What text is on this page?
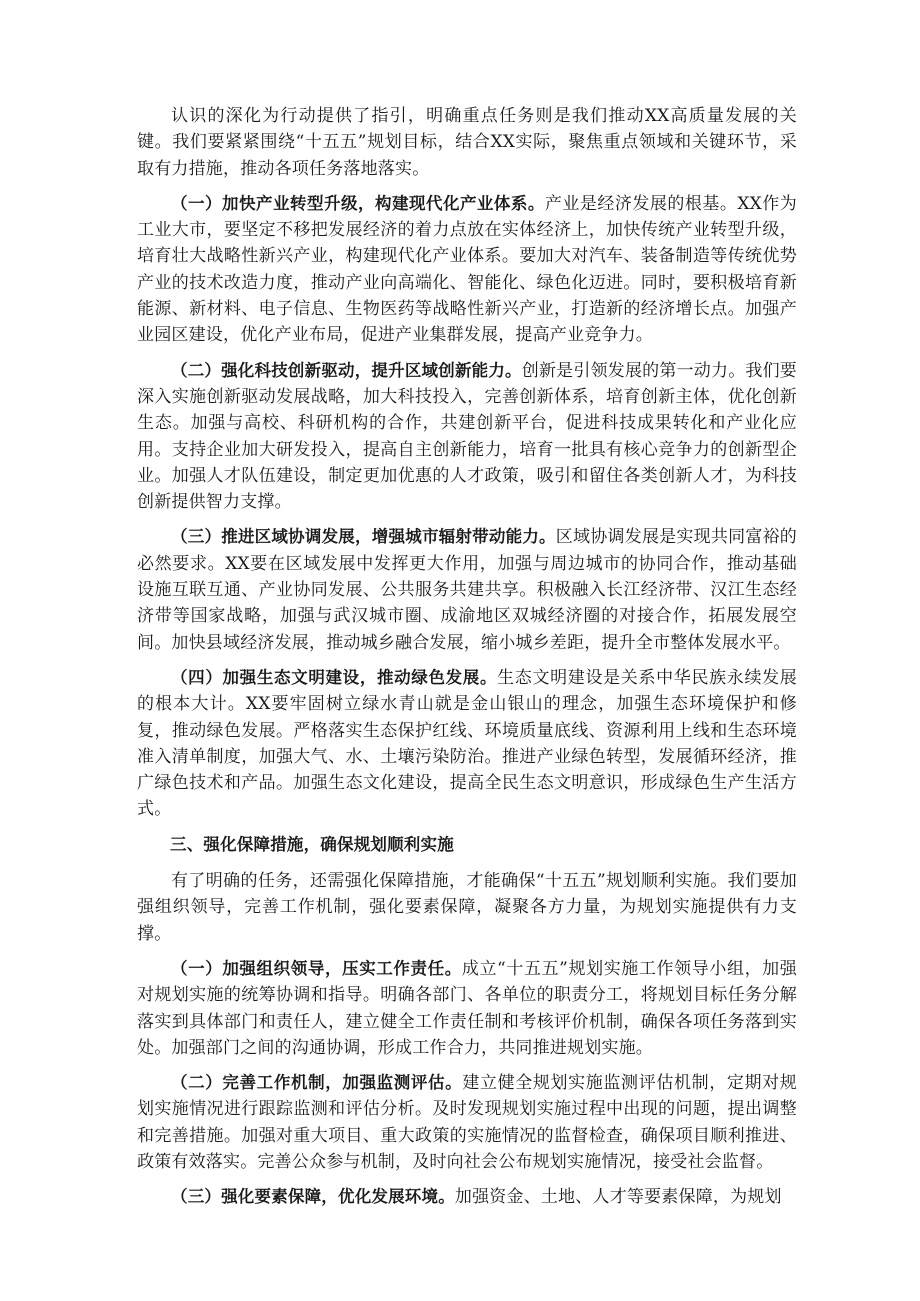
认识的深化为行动提供了指引，明确重点任务则是我们推动XX高质量发展的关键。我们要紧紧围绕“十五五”规划目标，结合XX实际，聚焦重点领域和关键环节，采取有力措施，推动各项任务落地落实。

（一）加快产业转型升级，构建现代化产业体系。产业是经济发展的根基。XX作为工业大市，要坚定不移把发展经济的着力点放在实体经济上，加快传统产业转型升级，培育壮大战略性新兴产业，构建现代化产业体系。要加大对汽车、装备制造等传统优势产业的技术改造力度，推动产业向高端化、智能化、绿色化迈进。同时，要积极培育新能源、新材料、电子信息、生物医药等战略性新兴产业，打造新的经济增长点。加强产业园区建设，优化产业布局，促进产业集群发展，提高产业竞争力。

（二）强化科技创新驱动，提升区域创新能力。创新是引领发展的第一动力。我们要深入实施创新驱动发展战略，加大科技投入，完善创新体系，培育创新主体，优化创新生态。加强与高校、科研机构的合作，共建创新平台，促进科技成果转化和产业化应用。支持企业加大研发投入，提高自主创新能力，培育一批具有核心竞争力的创新型企业。加强人才队伍建设，制定更加优惠的人才政策，吸引和留住各类创新人才，为科技创新提供智力支撑。

（三）推进区域协调发展，增强城市辐射带动能力。区域协调发展是实现共同富裕的必然要求。XX要在区域发展中发挥更大作用，加强与周边城市的协同合作，推动基础设施互联互通、产业协同发展、公共服务共建共享。积极融入长江经济带、汉江生态经济带等国家战略，加强与武汉城市圈、成渝地区双城经济圈的对接合作，拓展发展空间。加快县域经济发展，推动城乡融合发展，缩小城乡差距，提升全市整体发展水平。

（四）加强生态文明建设，推动绿色发展。生态文明建设是关系中华民族永续发展的根本大计。XX要牢固树立绿水青山就是金山银山的理念，加强生态环境保护和修复，推动绿色发展。严格落实生态保护红线、环境质量底线、资源利用上线和生态环境准入清单制度，加强大气、水、土壤污染防治。推进产业绿色转型，发展循环经济，推广绿色技术和产品。加强生态文化建设，提高全民生态文明意识，形成绿色生产生活方式。

三、强化保障措施，确保规划顺利实施

有了明确的任务，还需强化保障措施，才能确保“十五五”规划顺利实施。我们要加强组织领导，完善工作机制，强化要素保障，凝聚各方力量，为规划实施提供有力支撑。

（一）加强组织领导，压实工作责任。成立“十五五”规划实施工作领导小组，加强对规划实施的统筹协调和指导。明确各部门、各单位的职责分工，将规划目标任务分解落实到具体部门和责任人，建立健全工作责任制和考核评价机制，确保各项任务落到实处。加强部门之间的沟通协调，形成工作合力，共同推进规划实施。

（二）完善工作机制，加强监测评估。建立健全规划实施监测评估机制，定期对规划实施情况进行跟踪监测和评估分析。及时发现规划实施过程中出现的问题，提出调整和完善措施。加强对重大项目、重大政策的实施情况的监督检查，确保项目顺利推进、政策有效落实。完善公众参与机制，及时向社会公布规划实施情况，接受社会监督。

（三）强化要素保障，优化发展环境。加强资金、土地、人才等要素保障，为规划
